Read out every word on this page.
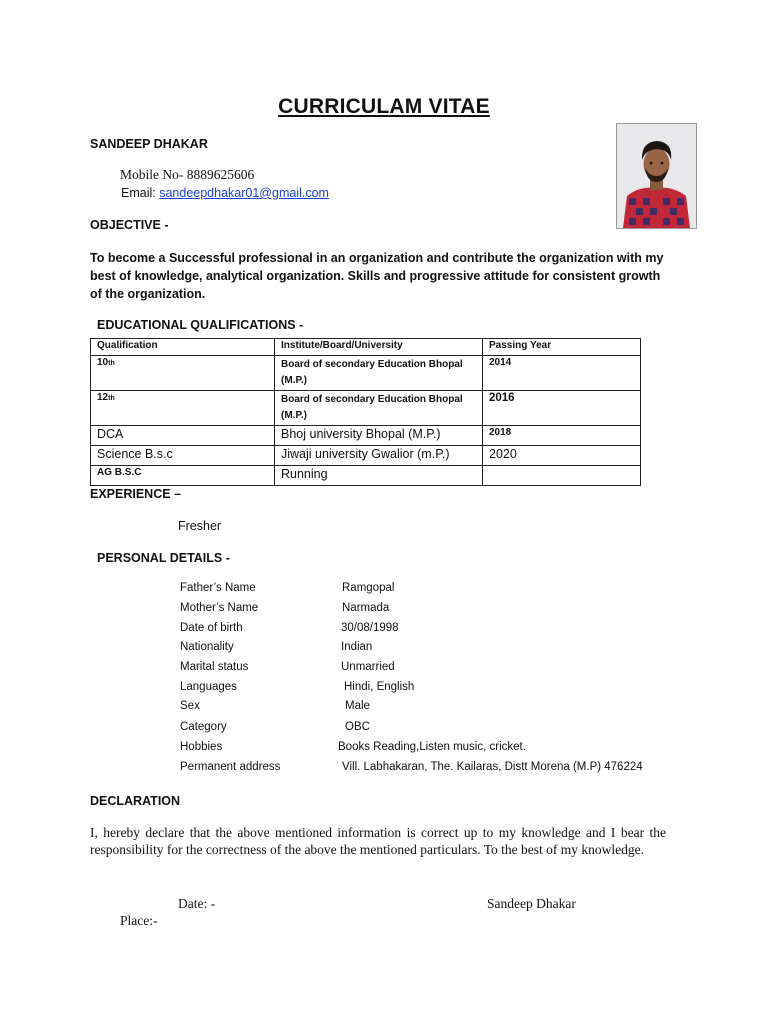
CURRICULAM VITAE
SANDEEP DHAKAR
Mobile No- 8889625606
Email: sandeepdhakar01@gmail.com
OBJECTIVE -
To become a Successful professional in an organization and contribute the organization with my best of knowledge, analytical organization. Skills and progressive attitude for consistent growth of the organization.
EDUCATIONAL QUALIFICATIONS -
Qualification	Institute/Board/University	Passing Year
10th	Board of secondary Education Bhopal (M.P.)	2014
12th	Board of secondary Education Bhopal (M.P.)	2016
DCA	Bhoj university Bhopal (M.P.)	2018
Science B.s.c	Jiwaji university Gwalior (m.P.)	2020
AG B.S.C	Running	
EXPERIENCE –
Fresher
PERSONAL DETAILS -
Father’s Name	Ramgopal
Mother’s Name	Narmada
Date of birth	30/08/1998
Nationality	Indian
Marital status	Unmarried
Languages	Hindi, English
Sex	Male
Category	OBC
Hobbies	Books Reading,Listen music, cricket.
Permanent address	Vill. Labhakaran, The. Kailaras, Distt Morena (M.P) 476224
DECLARATION
I, hereby declare that the above mentioned information is correct up to my knowledge and I bear the responsibility for the correctness of the above the mentioned particulars. To the best of my knowledge.
Date: -	Sandeep Dhakar
Place:-
